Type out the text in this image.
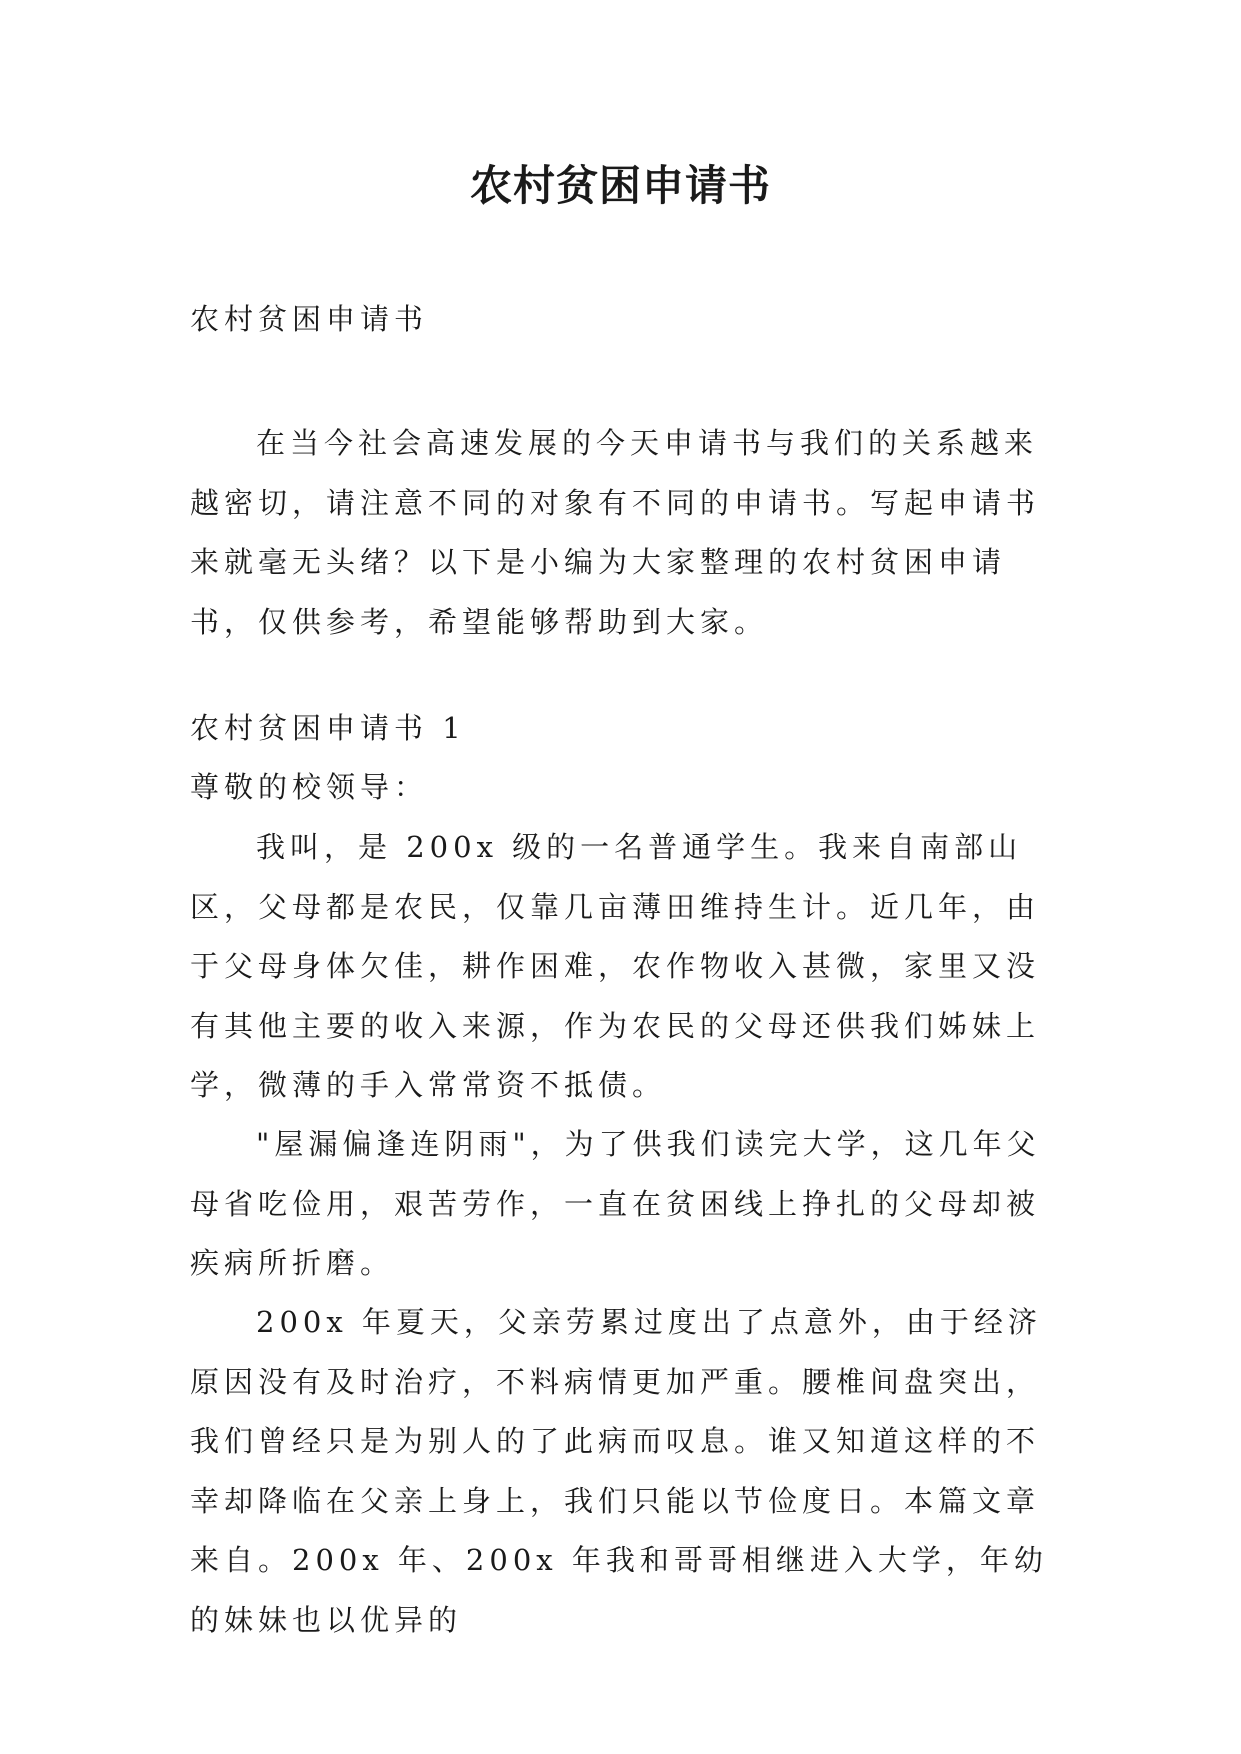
农村贫困申请书

农村贫困申请书

在当今社会高速发展的今天申请书与我们的关系越来越密切，请注意不同的对象有不同的申请书。写起申请书来就毫无头绪？以下是小编为大家整理的农村贫困申请书，仅供参考，希望能够帮助到大家。

农村贫困申请书 1

尊敬的校领导：

我叫，是 200x 级的一名普通学生。我来自南部山区，父母都是农民，仅靠几亩薄田维持生计。近几年，由于父母身体欠佳，耕作困难，农作物收入甚微，家里又没有其他主要的收入来源，作为农民的父母还供我们姊妹上学，微薄的手入常常资不抵债。

"屋漏偏逢连阴雨"，为了供我们读完大学，这几年父母省吃俭用，艰苦劳作，一直在贫困线上挣扎的父母却被疾病所折磨。

200x 年夏天，父亲劳累过度出了点意外，由于经济原因没有及时治疗，不料病情更加严重。腰椎间盘突出，我们曾经只是为别人的了此病而叹息。谁又知道这样的不幸却降临在父亲上身上，我们只能以节俭度日。本篇文章来自。200x 年、200x 年我和哥哥相继进入大学，年幼的妹妹也以优异的
